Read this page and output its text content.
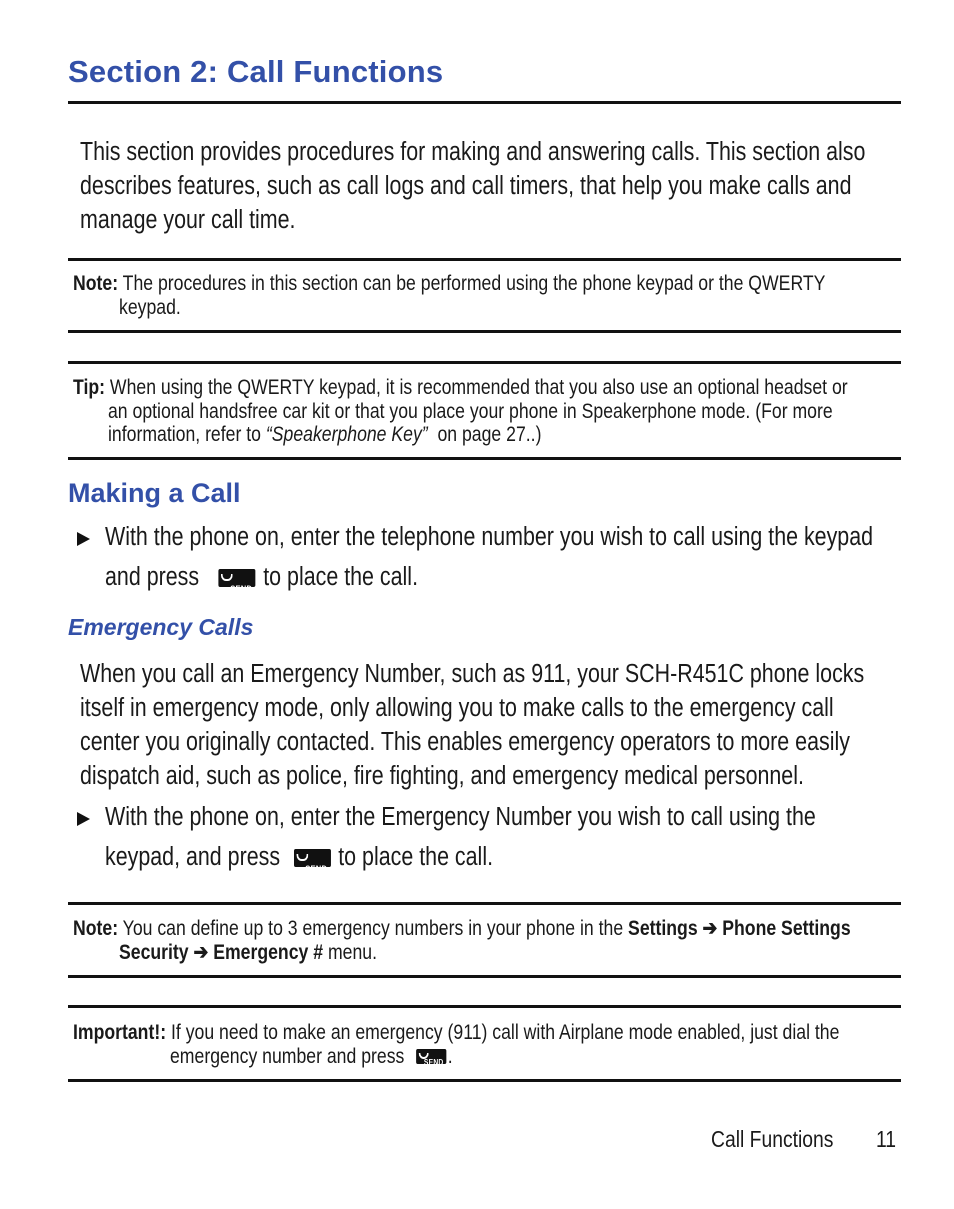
Section 2: Call Functions
This section provides procedures for making and answering calls. This section also
describes features, such as call logs and call timers, that help you make calls and
manage your call time.
Note: The procedures in this section can be performed using the phone keypad or the QWERTY
keypad.
Tip: When using the QWERTY keypad, it is recommended that you also use an optional headset or
an optional handsfree car kit or that you place your phone in Speakerphone mode. (For more
information, refer to “Speakerphone Key” on page 27..)
Making a Call
With the phone on, enter the telephone number you wish to call using the keypad
and press	SEND to place the call.
Emergency Calls
When you call an Emergency Number, such as 911, your SCH-R451C phone locks
itself in emergency mode, only allowing you to make calls to the emergency call
center you originally contacted. This enables emergency operators to more easily
dispatch aid, such as police, fire fighting, and emergency medical personnel.
With the phone on, enter the Emergency Number you wish to call using the
keypad, and press	SEND to place the call.
Note: You can define up to 3 emergency numbers in your phone in the Settings ➔ Phone Settings
Security ➔ Emergency # menu.
Important!: If you need to make an emergency (911) call with Airplane mode enabled, just dial the
emergency number and press SEND .
Call Functions	11
